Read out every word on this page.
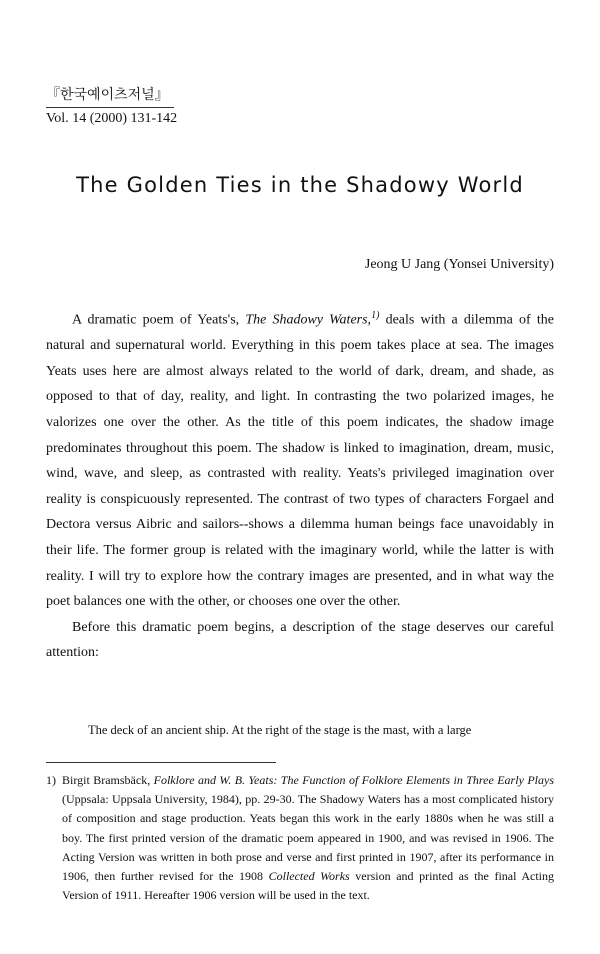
『한국예이츠저널』
Vol. 14 (2000) 131-142
The Golden Ties in the Shadowy World
Jeong U Jang (Yonsei University)

A dramatic poem of Yeats's, The Shadowy Waters,$^{1)}$ deals with a dilemma of the natural and supernatural world. Everything in this poem takes place at sea. The images Yeats uses here are almost always related to the world of dark, dream, and shade, as opposed to that of day, reality, and light. In contrasting the two polarized images, he valorizes one over the other. As the title of this poem indicates, the shadow image predominates throughout this poem. The shadow is linked to imagination, dream, music, wind, wave, and sleep, as contrasted with reality. Yeats's privileged imagination over reality is conspicuously represented. The contrast of two types of characters Forgael and Dectora versus Aibric and sailors--shows a dilemma human beings face unavoidably in their life. The former group is related with the imaginary world, while the latter is with reality. I will try to explore how the contrary images are presented, and in what way the poet balances one with the other, or chooses one over the other.

Before this dramatic poem begins, a description of the stage deserves our careful attention:

The deck of an ancient ship. At the right of the stage is the mast, with a large
1) Birgit Bramsbäck, Folklore and W. B. Yeats: The Function of Folklore Elements in Three Early Plays (Uppsala: Uppsala University, 1984), pp. 29-30. The Shadowy Waters has a most complicated history of composition and stage production. Yeats began this work in the early 1880s when he was still a boy. The first printed version of the dramatic poem appeared in 1900, and was revised in 1906. The Acting Version was written in both prose and verse and first printed in 1907, after its performance in 1906, then further revised for the 1908 Collected Works version and printed as the final Acting Version of 1911. Hereafter 1906 version will be used in the text.
